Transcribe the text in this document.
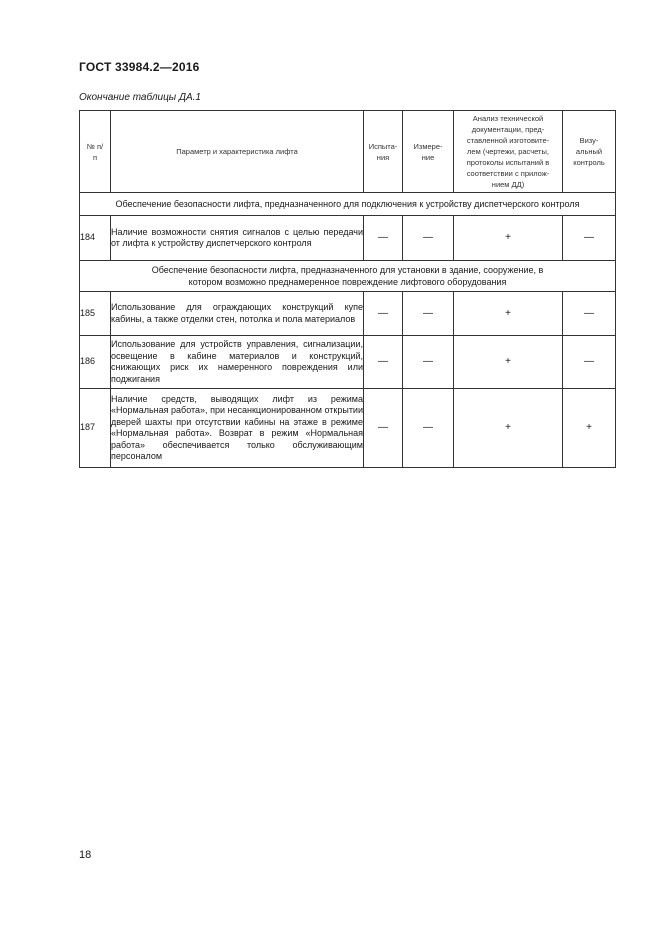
ГОСТ 33984.2—2016
Окончание таблицы ДА.1
№ п/п	Параметр и характеристика лифта	Испыта- ния	Измере- ние	Анализ технической документации, пред- ставленной изготовите- лем (чертежи, расчеты, протоколы испытаний в соответствии с прилож- нием ДД)	Визу- альный контроль
Обеспечение безопасности лифта, предназначенного для подключения к устройству диспетчерского контроля					
184	Наличие возможности снятия сигналов с целью передачи от лифта к устройству диспетчерского контроля	—	—	+	—
Обеспечение безопасности лифта, предназначенного для установки в здание, сооружение, в котором возможно преднамеренное повреждение лифтового оборудования					
185	Использование для ограждающих конструкций купе кабины, а также отделки стен, потолка и пола материалов	—	—	+	—
186	Использование для устройств управления, сигнализации, освещение в кабине материалов и конструкций, снижающих риск их намеренного повреждения или поджигания	—	—	+	—
187	Наличие средств, выводящих лифт из режима «Нормальная работа», при несанкционированном открытии дверей шахты при отсутствии кабины на этаже в режиме «Нормальная работа». Возврат в режим «Нормальная работа» обеспечивается только обслуживающим персоналом	—	—	+	+
18
